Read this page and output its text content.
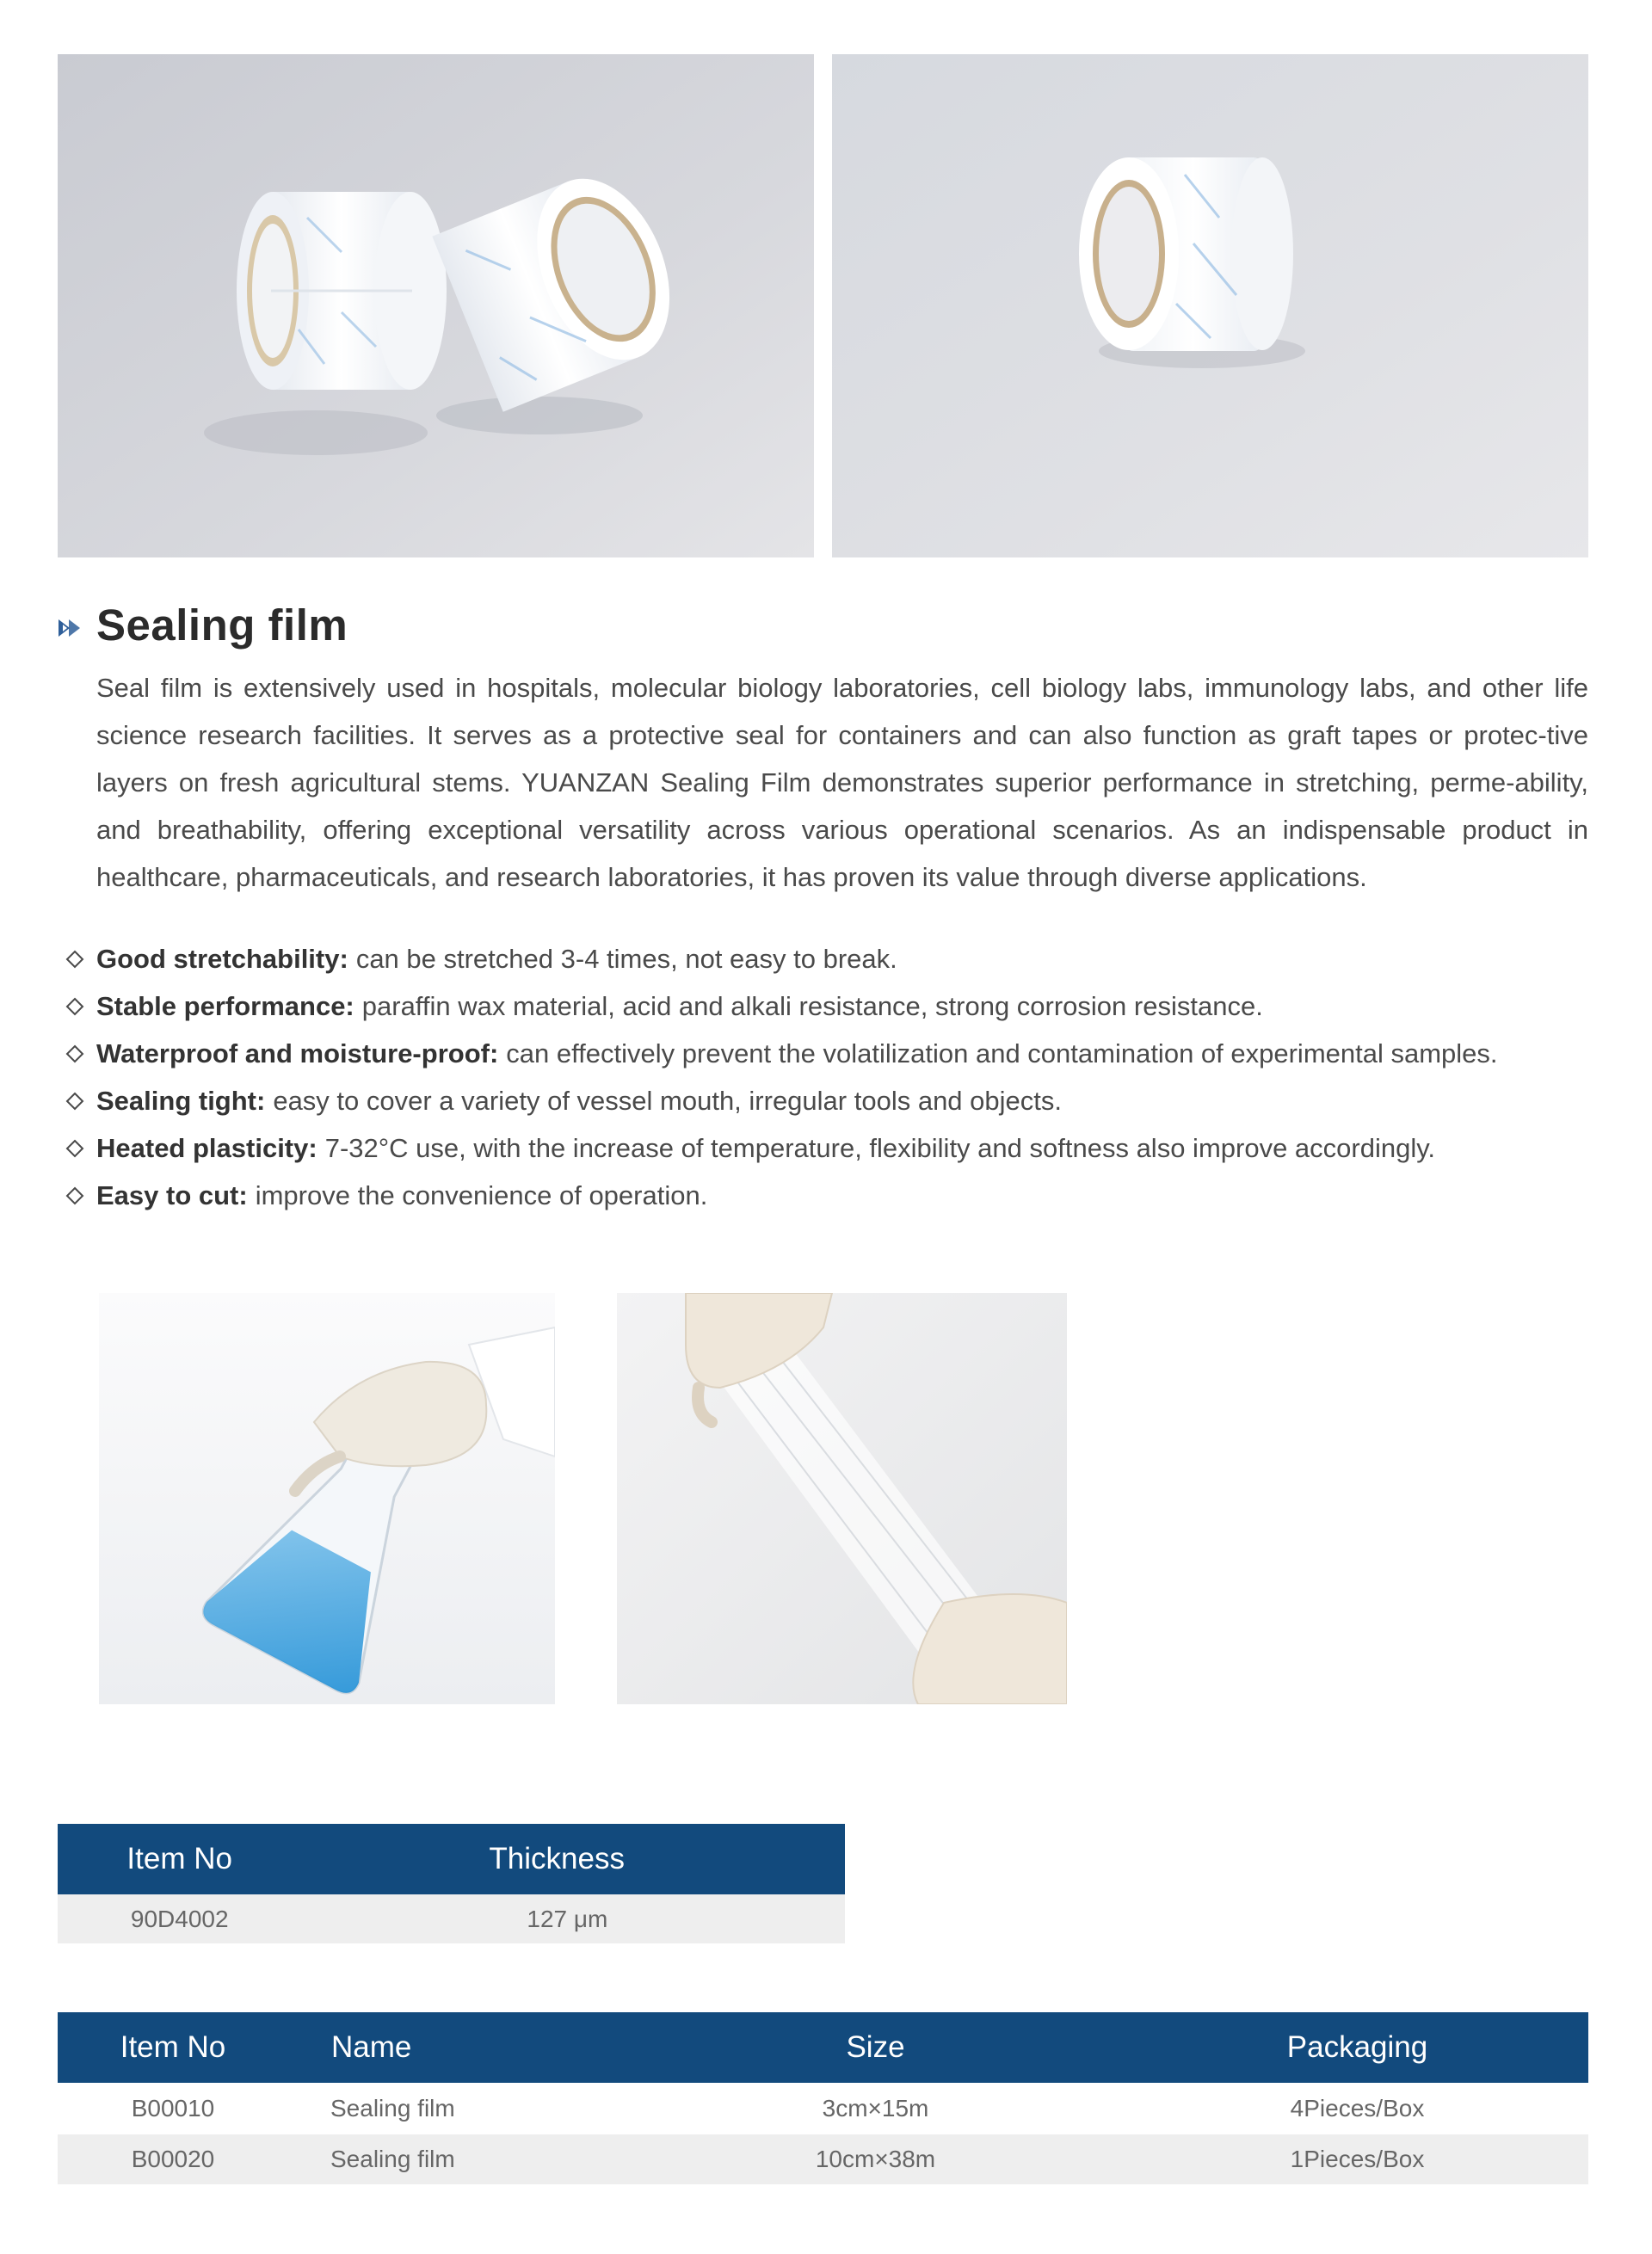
Sealing film
Seal film is extensively used in hospitals, molecular biology laboratories, cell biology labs, immunology labs, and other life science research facilities. It serves as a protective seal for containers and can also function as graft tapes or protec-tive layers on fresh agricultural stems. YUANZAN Sealing Film demonstrates superior performance in stretching, perme-ability, and breathability, offering exceptional versatility across various operational scenarios. As an indispensable product in healthcare, pharmaceuticals, and research laboratories, it has proven its value through diverse applications.
Good stretchability: can be stretched 3-4 times, not easy to break.
Stable performance: paraffin wax material, acid and alkali resistance, strong corrosion resistance.
Waterproof and moisture-proof: can effectively prevent the volatilization and contamination of experimental samples.
Sealing tight: easy to cover a variety of vessel mouth, irregular tools and objects.
Heated plasticity: 7-32°C use, with the increase of temperature, flexibility and softness also improve accordingly.
Easy to cut: improve the convenience of operation.
Item No	Thickness
90D4002	127 μm
Item No	Name	Size	Packaging
B00010	Sealing film	3cm×15m	4Pieces/Box
B00020	Sealing film	10cm×38m	1Pieces/Box
